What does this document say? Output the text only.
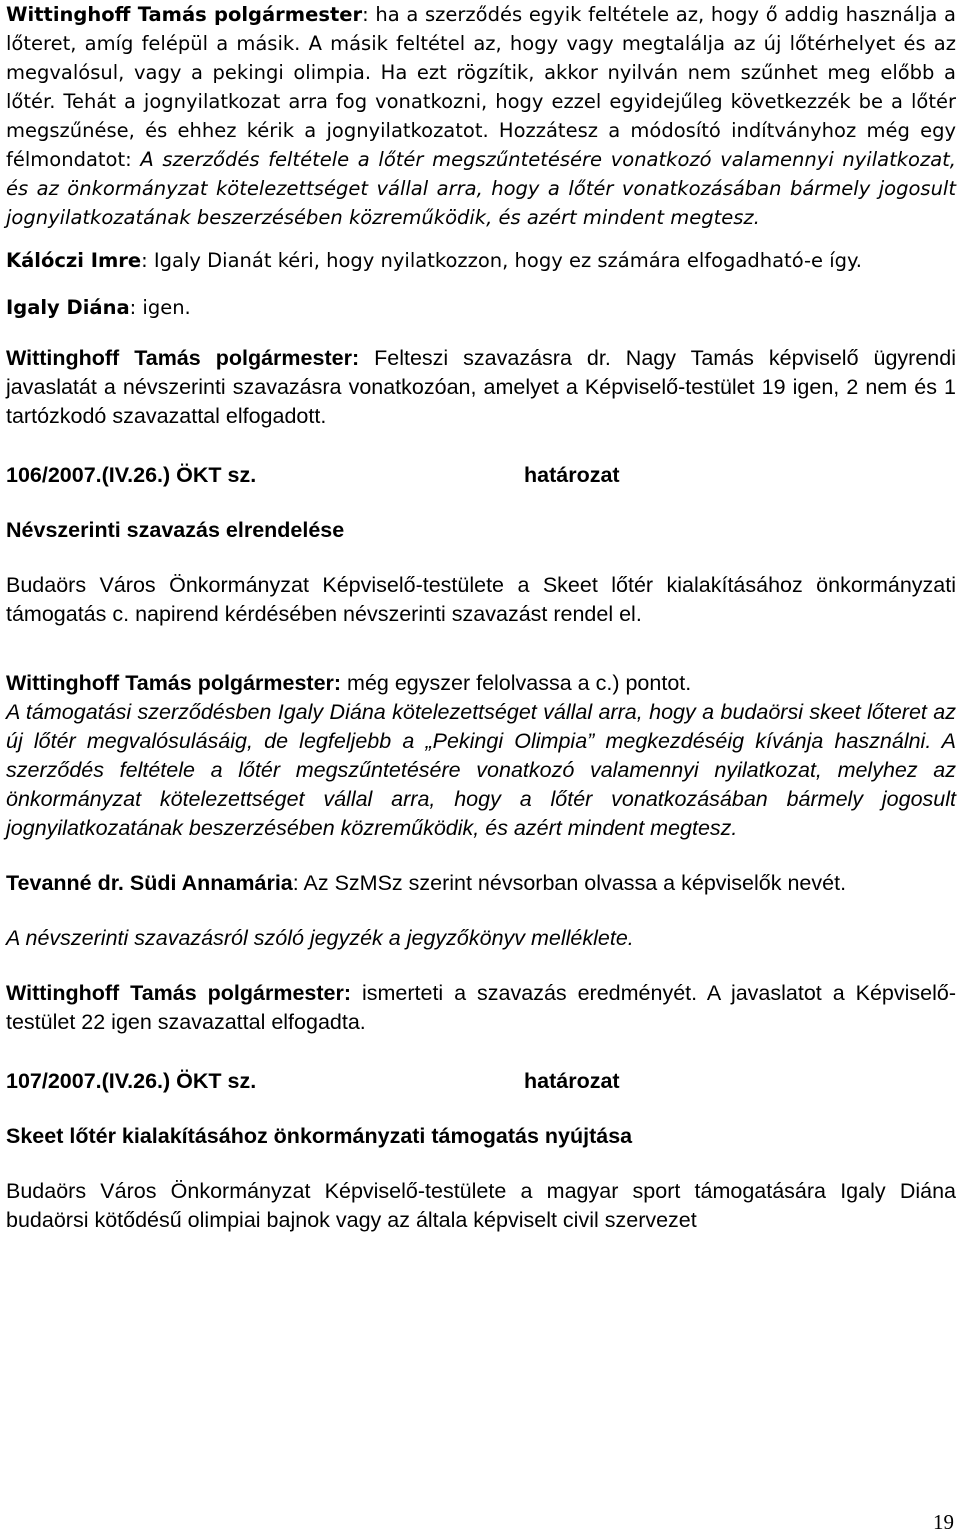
Wittinghoff Tamás polgármester: ha a szerződés egyik feltétele az, hogy ő addig használja a lőteret, amíg felépül a másik. A másik feltétel az, hogy vagy megtalálja az új lőtérhelyet és az megvalósul, vagy a pekingi olimpia. Ha ezt rögzítik, akkor nyilván nem szűnhet meg előbb a lőtér. Tehát a jognyilatkozat arra fog vonatkozni, hogy ezzel egyidejűleg következzék be a lőtér megszűnése, és ehhez kérik a jognyilatkozatot. Hozzátesz a módosító indítványhoz még egy félmondatot: A szerződés feltétele a lőtér megszűntetésére vonatkozó valamennyi nyilatkozat, és az önkormányzat kötelezettséget vállal arra, hogy a lőtér vonatkozásában bármely jogosult jognyilatkozatának beszerzésében közreműködik, és azért mindent megtesz.

Kálóczi Imre: Igaly Dianát kéri, hogy nyilatkozzon, hogy ez számára elfogadható-e így.

Igaly Diána: igen.

Wittinghoff Tamás polgármester: Felteszi szavazásra dr. Nagy Tamás képviselő ügyrendi javaslatát a névszerinti szavazásra vonatkozóan, amelyet a Képviselő-testület 19 igen, 2 nem és 1 tartózkodó szavazattal elfogadott.

106/2007.(IV.26.) ÖKT sz.	határozat

Névszerinti szavazás elrendelése

Budaörs Város Önkormányzat Képviselő-testülete a Skeet lőtér kialakításához önkormányzati támogatás c. napirend kérdésében névszerinti szavazást rendel el.

Wittinghoff Tamás polgármester: még egyszer felolvassa a c.) pontot.
A támogatási szerződésben Igaly Diána kötelezettséget vállal arra, hogy a budaörsi skeet lőteret az új lőtér megvalósulásáig, de legfeljebb a „Pekingi Olimpia” megkezdéséig kívánja használni. A szerződés feltétele a lőtér megszűntetésére vonatkozó valamennyi nyilatkozat, melyhez az önkormányzat kötelezettséget vállal arra, hogy a lőtér vonatkozásában bármely jogosult jognyilatkozatának beszerzésében közreműködik, és azért mindent megtesz.

Tevanné dr. Südi Annamária: Az SzMSz szerint névsorban olvassa a képviselők nevét.

A névszerinti szavazásról szóló jegyzék a jegyzőkönyv melléklete.

Wittinghoff Tamás polgármester: ismerteti a szavazás eredményét. A javaslatot a Képviselő-testület 22 igen szavazattal elfogadta.

107/2007.(IV.26.) ÖKT sz.	határozat

Skeet lőtér kialakításához önkormányzati támogatás nyújtása

Budaörs Város Önkormányzat Képviselő-testülete a magyar sport támogatására Igaly Diána budaörsi kötődésű olimpiai bajnok vagy az általa képviselt civil szervezet

19
